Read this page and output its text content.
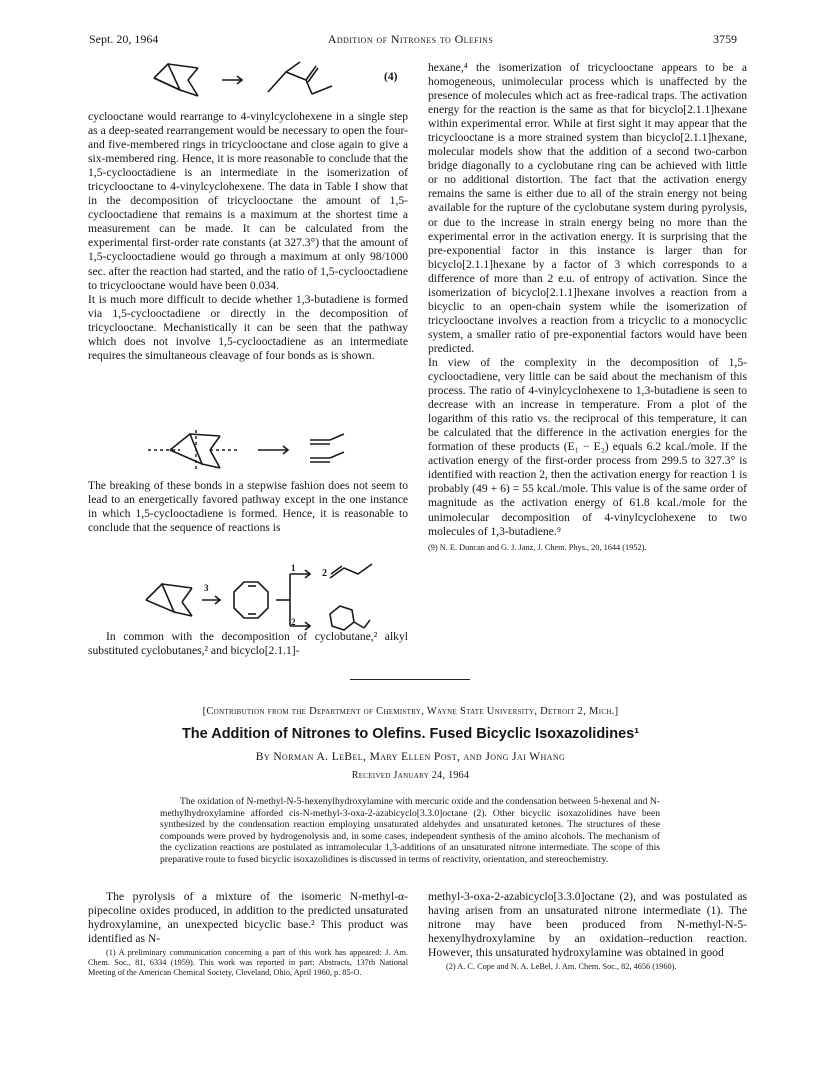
Sept. 20, 1964	Addition of Nitrones to Olefins	3759
(4)

cyclooctane would rearrange to 4-vinylcyclohexene in a single step as a deep-seated rearrangement would be necessary to open the four- and five-membered rings in tricyclooctane and close again to give a six-membered ring. Hence, it is more reasonable to conclude that the 1,5-cyclooctadiene is an intermediate in the isomerization of tricyclooctane to 4-vinylcyclohexene. The data in Table I show that in the decomposition of tricyclooctane the amount of 1,5-cyclooctadiene that remains is a maximum at the shortest time a measurement can be made. It can be calculated from the experimental first-order rate constants (at 327.3°) that the amount of 1,5-cyclooctadiene would go through a maximum at only 98/1000 sec. after the reaction had started, and the ratio of 1,5-cyclooctadiene to tricyclooctane would have been 0.034.

It is much more difficult to decide whether 1,3-butadiene is formed via 1,5-cyclooctadiene or directly in the decomposition of tricyclooctane. Mechanistically it can be seen that the pathway which does not involve 1,5-cyclooctadiene as an intermediate requires the simultaneous cleavage of four bonds as is shown.

The breaking of these bonds in a stepwise fashion does not seem to lead to an energetically favored pathway except in the one instance in which 1,5-cyclooctadiene is formed. Hence, it is reasonable to conclude that the sequence of reactions is

3
1
2
2

In common with the decomposition of cyclobutane,² alkyl substituted cyclobutanes,² and bicyclo[2.1.1]-

hexane,⁴ the isomerization of tricyclooctane appears to be a homogeneous, unimolecular process which is unaffected by the presence of molecules which act as free-radical traps. The activation energy for the reaction is the same as that for bicyclo[2.1.1]hexane within experimental error. While at first sight it may appear that the tricyclooctane is a more strained system than bicyclo[2.1.1]hexane, molecular models show that the addition of a second two-carbon bridge diagonally to a cyclobutane ring can be achieved with little or no additional distortion. The fact that the activation energy remains the same is either due to all of the strain energy not being available for the rupture of the cyclobutane system during pyrolysis, or due to the increase in strain energy being no more than the experimental error in the activation energy. It is surprising that the pre-exponential factor in this instance is larger than for bicyclo[2.1.1]hexane by a factor of 3 which corresponds to a difference of more than 2 e.u. of entropy of activation. Since the isomerization of bicyclo[2.1.1]hexane involves a reaction from a bicyclic to an open-chain system while the isomerization of tricyclooctane involves a reaction from a tricyclic to a monocyclic system, a smaller ratio of pre-exponential factors would have been predicted.

In view of the complexity in the decomposition of 1,5-cyclooctadiene, very little can be said about the mechanism of this process. The ratio of 4-vinylcyclohexene to 1,3-butadiene is seen to decrease with an increase in temperature. From a plot of the logarithm of this ratio vs. the reciprocal of this temperature, it can be calculated that the difference in the activation energies for the formation of these products (E₁ − E₂) equals 6.2 kcal./mole. If the activation energy of the first-order process from 299.5 to 327.3° is identified with reaction 2, then the activation energy for reaction 1 is probably (49 + 6) = 55 kcal./mole. This value is of the same order of magnitude as the activation energy of 61.8 kcal./mole for the unimolecular decomposition of 4-vinylcyclohexene to two molecules of 1,3-butadiene.⁹

(9) N. E. Duncan and G. J. Janz, J. Chem. Phys., 20, 1644 (1952).

[Contribution from the Department of Chemistry, Wayne State University, Detroit 2, Mich.]
The Addition of Nitrones to Olefins. Fused Bicyclic Isoxazolidines¹
By Norman A. LeBel, Mary Ellen Post, and Jong Jai Whang
Received January 24, 1964

The oxidation of N-methyl-N-5-hexenylhydroxylamine with mercuric oxide and the condensation between 5-hexenal and N-methylhydroxylamine afforded cis-N-methyl-3-oxa-2-azabicyclo[3.3.0]octane (2). Other bicyclic isoxazolidines have been synthesized by the condensation reaction employing unsaturated aldehydes and unsaturated ketones. The structures of these compounds were proved by hydrogenolysis and, in some cases, independent synthesis of the amino alcohols. The mechanism of the cyclization reactions are postulated as intramolecular 1,3-additions of an unsaturated nitrone intermediate. The scope of this preparative route to fused bicyclic isoxazolidines is discussed in terms of reactivity, orientation, and stereochemistry.

The pyrolysis of a mixture of the isomeric N-methyl-α-pipecoline oxides produced, in addition to the predicted unsaturated hydroxylamine, an unexpected bicyclic base.² This product was identified as N-

(1) A preliminary communication concerning a part of this work has appeared: J. Am. Chem. Soc., 81, 6334 (1959). This work was reported in part: Abstracts, 137th National Meeting of the American Chemical Society, Cleveland, Ohio, April 1960, p. 85-O.

methyl-3-oxa-2-azabicyclo[3.3.0]octane (2), and was postulated as having arisen from an unsaturated nitrone intermediate (1). The nitrone may have been produced from N-methyl-N-5-hexenylhydroxylamine by an oxidation–reduction reaction. However, this unsaturated hydroxylamine was obtained in good

(2) A. C. Cope and N. A. LeBel, J. Am. Chem. Soc., 82, 4656 (1960).
